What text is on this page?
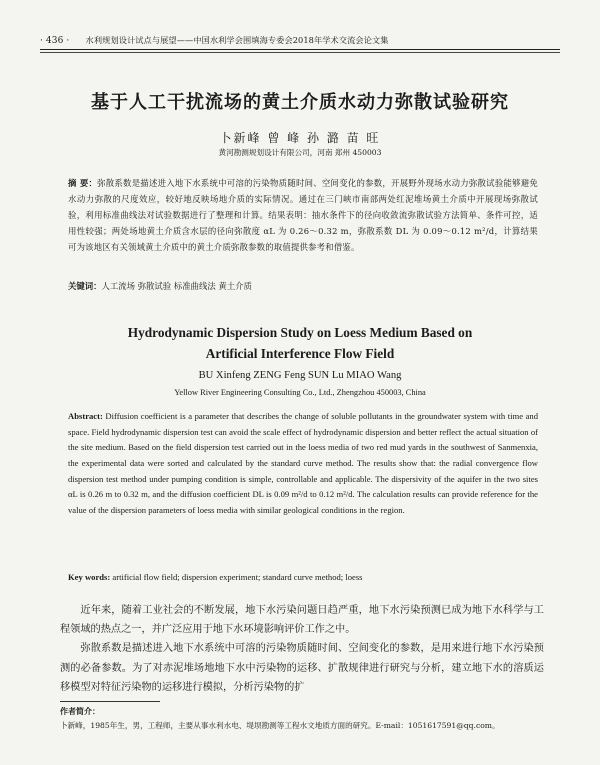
· 436 · 水利规划设计试点与展望——中国水利学会围填海专委会2018年学术交流会论文集
基于人工干扰流场的黄土介质水动力弥散试验研究
卜新峰 曾 峰 孙 潞 苗 旺
黄河勘测规划设计有限公司，河南 郑州 450003
摘 要：弥散系数是描述进入地下水系统中可溶的污染物质随时间、空间变化的参数，开展野外现场水动力弥散试验能够避免水动力弥散的尺度效应，较好地反映场地介质的实际情况。通过在三门峡市南部两处红泥堆场黄土介质中开展现场弥散试验，利用标准曲线法对试验数据进行了整理和计算。结果表明：抽水条件下的径向收敛流弥散试验方法简单、条件可控，适用性较强；两处场地黄土介质含水层的径向弥散度 αL 为 0.26～0.32 m，弥散系数 DL 为 0.09～0.12 m²/d，计算结果可为该地区有关领域黄土介质中的黄土介质弥散参数的取值提供参考和借鉴。
关键词：人工流场 弥散试验 标准曲线法 黄土介质
Hydrodynamic Dispersion Study on Loess Medium Based on
Artificial Interference Flow Field
BU Xinfeng ZENG Feng SUN Lu MIAO Wang
Yellow River Engineering Consulting Co., Ltd., Zhengzhou 450003, China
Abstract: Diffusion coefficient is a parameter that describes the change of soluble pollutants in the groundwater system with time and space. Field hydrodynamic dispersion test can avoid the scale effect of hydrodynamic dispersion and better reflect the actual situation of the site medium. Based on the field dispersion test carried out in the loess media of two red mud yards in the southwest of Sanmenxia, the experimental data were sorted and calculated by the standard curve method. The results show that: the radial convergence flow dispersion test method under pumping condition is simple, controllable and applicable. The dispersivity of the aquifer in the two sites αL is 0.26 m to 0.32 m, and the diffusion coefficient DL is 0.09 m²/d to 0.12 m²/d. The calculation results can provide reference for the value of the dispersion parameters of loess media with similar geological conditions in the region.
Key words: artificial flow field; dispersion experiment; standard curve method; loess

近年来，随着工业社会的不断发展，地下水污染问题日趋严重，地下水污染预测已成为地下水科学与工程领域的热点之一，并广泛应用于地下水环境影响评价工作之中。

弥散系数是描述进入地下水系统中可溶的污染物质随时间、空间变化的参数，是用来进行地下水污染预测的必备参数。为了对赤泥堆场地地下水中污染物的运移、扩散规律进行研究与分析，建立地下水的溶质运移模型对特征污染物的运移进行模拟，分析污染物的扩

作者简介：
卜新峰，1985年生，男，工程师，主要从事水利水电、堤坝勘测等工程水文地质方面的研究。E-mail：1051617591@qq.com。
